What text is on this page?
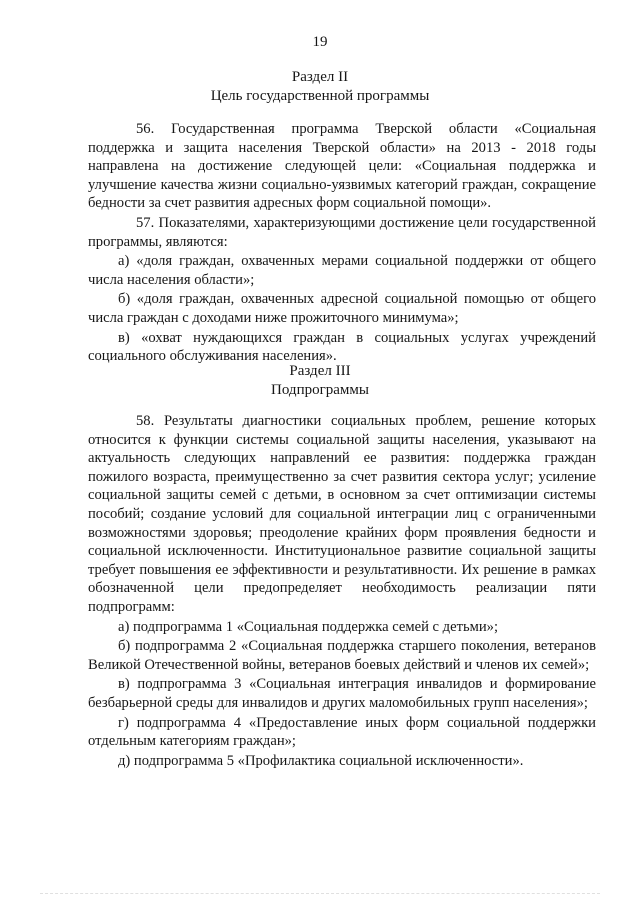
19
Раздел II
Цель государственной программы

56. Государственная программа Тверской области «Социальная поддержка и защита населения Тверской области» на 2013 - 2018 годы направлена на достижение следующей цели: «Социальная поддержка и улучшение качества жизни социально-уязвимых категорий граждан, сокращение бедности за счет развития адресных форм социальной помощи».

57. Показателями, характеризующими достижение цели государственной программы, являются:

а) «доля граждан, охваченных мерами социальной поддержки от общего числа населения области»;

б) «доля граждан, охваченных адресной социальной помощью от общего числа граждан с доходами ниже прожиточного минимума»;

в) «охват нуждающихся граждан в социальных услугах учреждений социального обслуживания населения».

Раздел III
Подпрограммы

58. Результаты диагностики социальных проблем, решение которых относится к функции системы социальной защиты населения, указывают на актуальность следующих направлений ее развития: поддержка граждан пожилого возраста, преимущественно за счет развития сектора услуг; усиление социальной защиты семей с детьми, в основном за счет оптимизации системы пособий; создание условий для социальной интеграции лиц с ограниченными возможностями здоровья; преодоление крайних форм проявления бедности и социальной исключенности. Институциональное развитие социальной защиты требует повышения ее эффективности и результативности. Их решение в рамках обозначенной цели предопределяет необходимость реализации пяти подпрограмм:

а) подпрограмма 1 «Социальная поддержка семей с детьми»;

б) подпрограмма 2 «Социальная поддержка старшего поколения, ветеранов Великой Отечественной войны, ветеранов боевых действий и членов их семей»;

в) подпрограмма 3 «Социальная интеграция инвалидов и формирование безбарьерной среды для инвалидов и других маломобильных групп населения»;

г) подпрограмма 4 «Предоставление иных форм социальной поддержки отдельным категориям граждан»;

д) подпрограмма 5 «Профилактика социальной исключенности».
